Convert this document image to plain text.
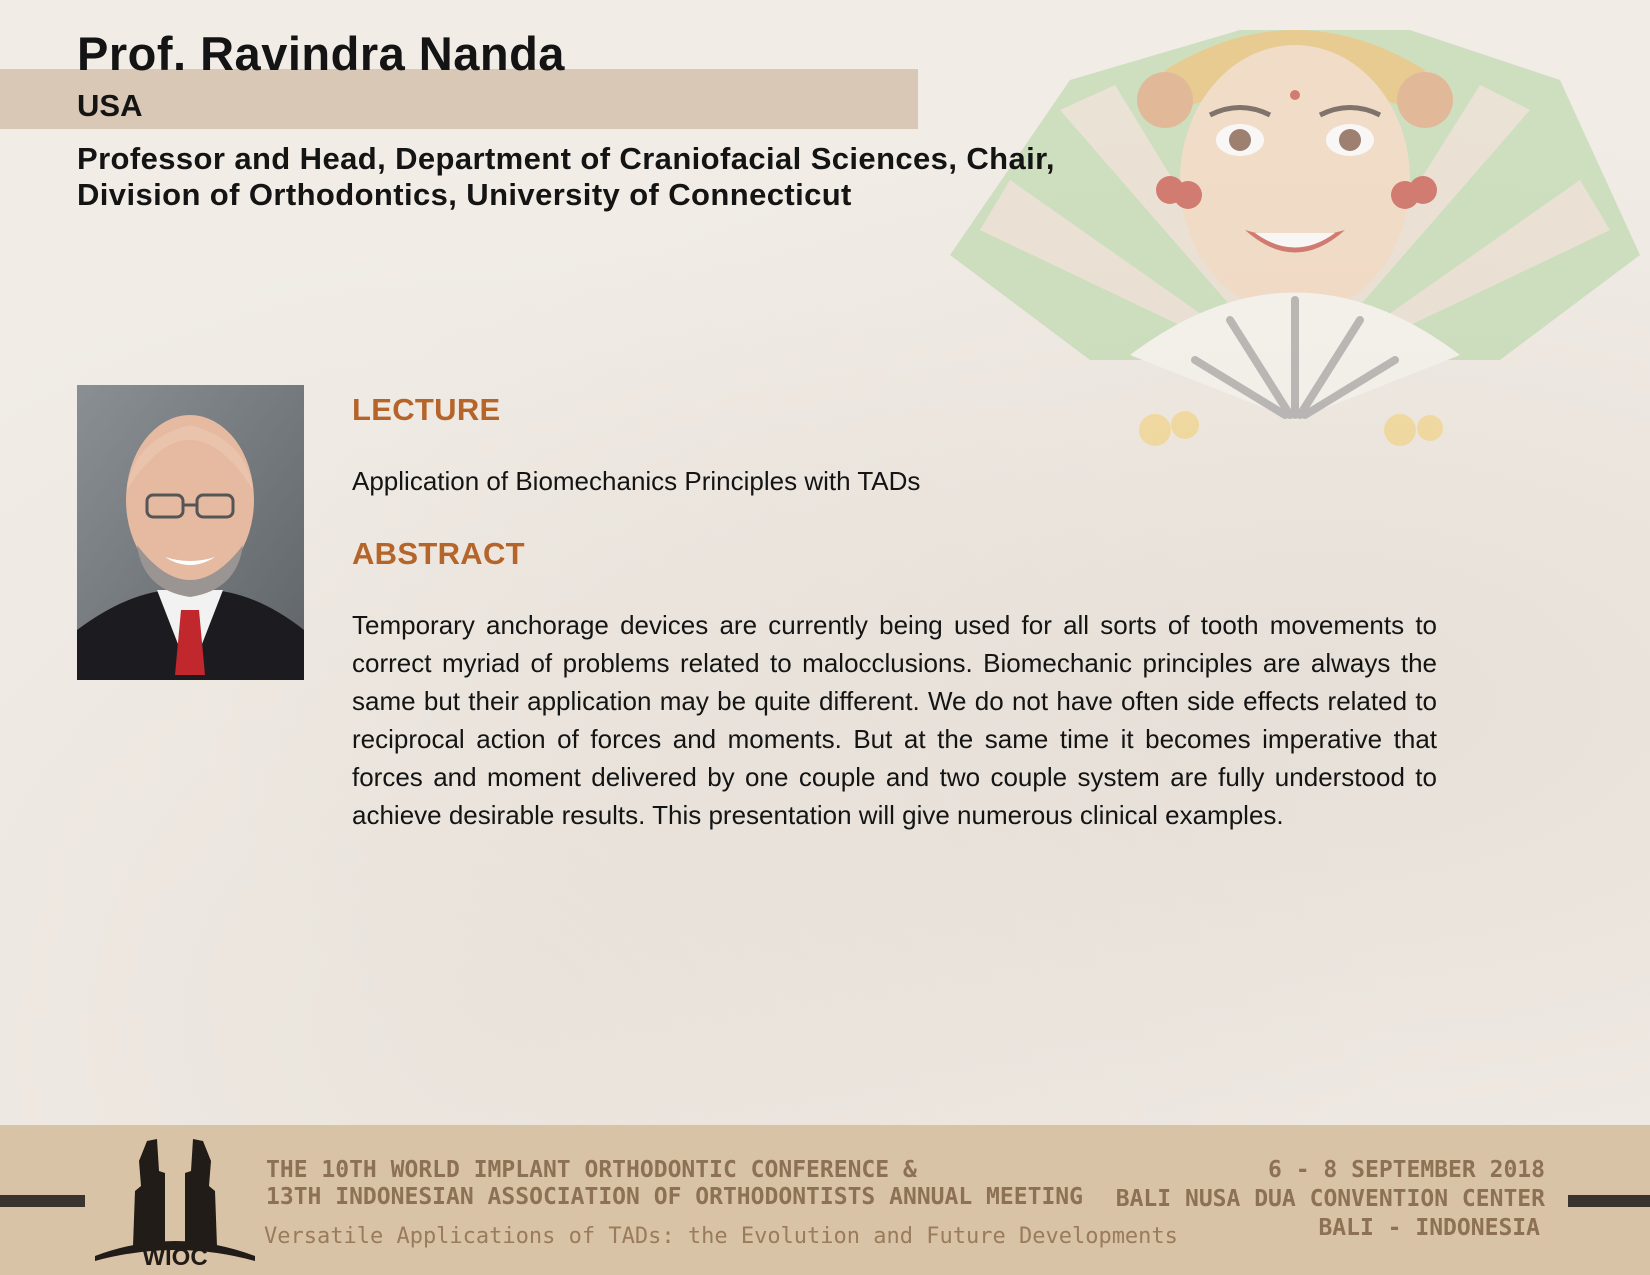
Prof. Ravindra Nanda

USA

Professor and Head, Department of Craniofacial Sciences, Chair, Division of Orthodontics, University of Connecticut

LECTURE

Application of Biomechanics Principles with TADs

ABSTRACT

Temporary anchorage devices are currently being used for all sorts of tooth movements to correct myriad of problems related to malocclusions. Biomechanic principles are always the same but their application may be quite different. We do not have often side effects related to reciprocal action of forces and moments. But at the same time it becomes imperative that forces and moment delivered by one couple and two couple system are fully understood to achieve desirable results. This presentation will give numerous clinical examples.

WIOC

THE 10TH WORLD IMPLANT ORTHODONTIC CONFERENCE &

13TH INDONESIAN ASSOCIATION OF ORTHODONTISTS ANNUAL MEETING

Versatile Applications of TADs: the Evolution and Future Developments

6 - 8 SEPTEMBER 2018

BALI NUSA DUA CONVENTION CENTER

BALI - INDONESIA
